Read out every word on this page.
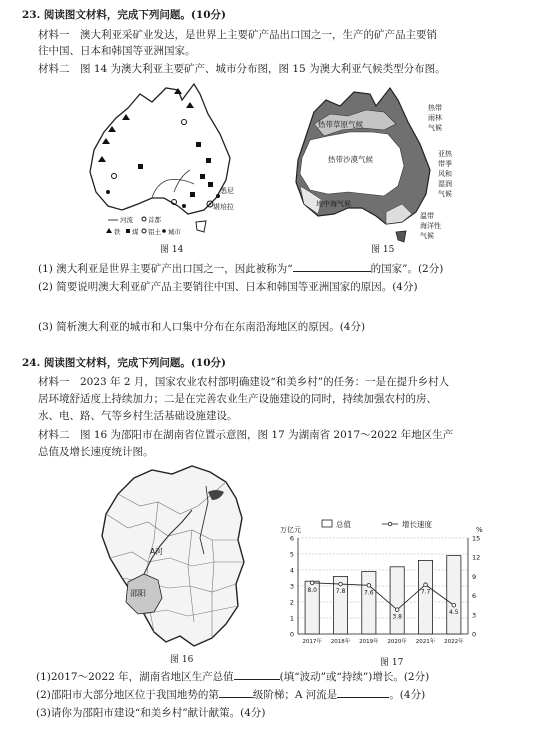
23. 阅读图文材料，完成下列问题。(10分)
材料一　澳大利亚采矿业发达，是世界上主要矿产品出口国之一，生产的矿产品主要销
往中国、日本和韩国等亚洲国家。
材料二　图 14 为澳大利亚主要矿产、城市分布图，图 15 为澳大利亚气候类型分布图。
悉尼
堪培拉
河流 首都
铁 煤 铝土 城市
图 14
热带草原气候
热带沙漠气候
地中海气候
热带
雨林
气候
亚热
带季
风和
湿润
气候
温带
海洋性
气候
图 15
(1) 澳大利亚是世界主要矿产出口国之一，因此被称为“	的国家”。(2分)
(2) 简要说明澳大利亚矿产品主要销往中国、日本和韩国等亚洲国家的原因。(4分)
(3) 简析澳大利亚的城市和人口集中分布在东南沿海地区的原因。(4分)
24. 阅读图文材料，完成下列问题。(10分)
材料一　2023 年 2 月，国家农业农村部明确建设“和美乡村”的任务：一是在提升乡村人
居环境舒适度上持续加力；二是在完善农业生产设施建设的同时，持续加强农村的房、
水、电、路、气等乡村生活基础设施建设。
材料二　图 16 为邵阳市在湖南省位置示意图，图 17 为湖南省 2017～2022 年地区生产
总值及增长速度统计图。
邵阳
A河
图 16
总值	增长速度
万亿元	%
0
1
2
3
4
5
6
0
3
6
9
12
15
2017年 2018年 2019年 2020年 2021年 2022年
8.0	7.8	7.6
3.8
7.7
4.5
图 17
(1)2017～2022 年，湖南省地区生产总值	(填“波动”或“持续”)增长。(2分)
(2)邵阳市大部分地区位于我国地势的第	级阶梯；A 河流是	。(4分)
(3)请你为邵阳市建设“和美乡村”献计献策。(4分)
